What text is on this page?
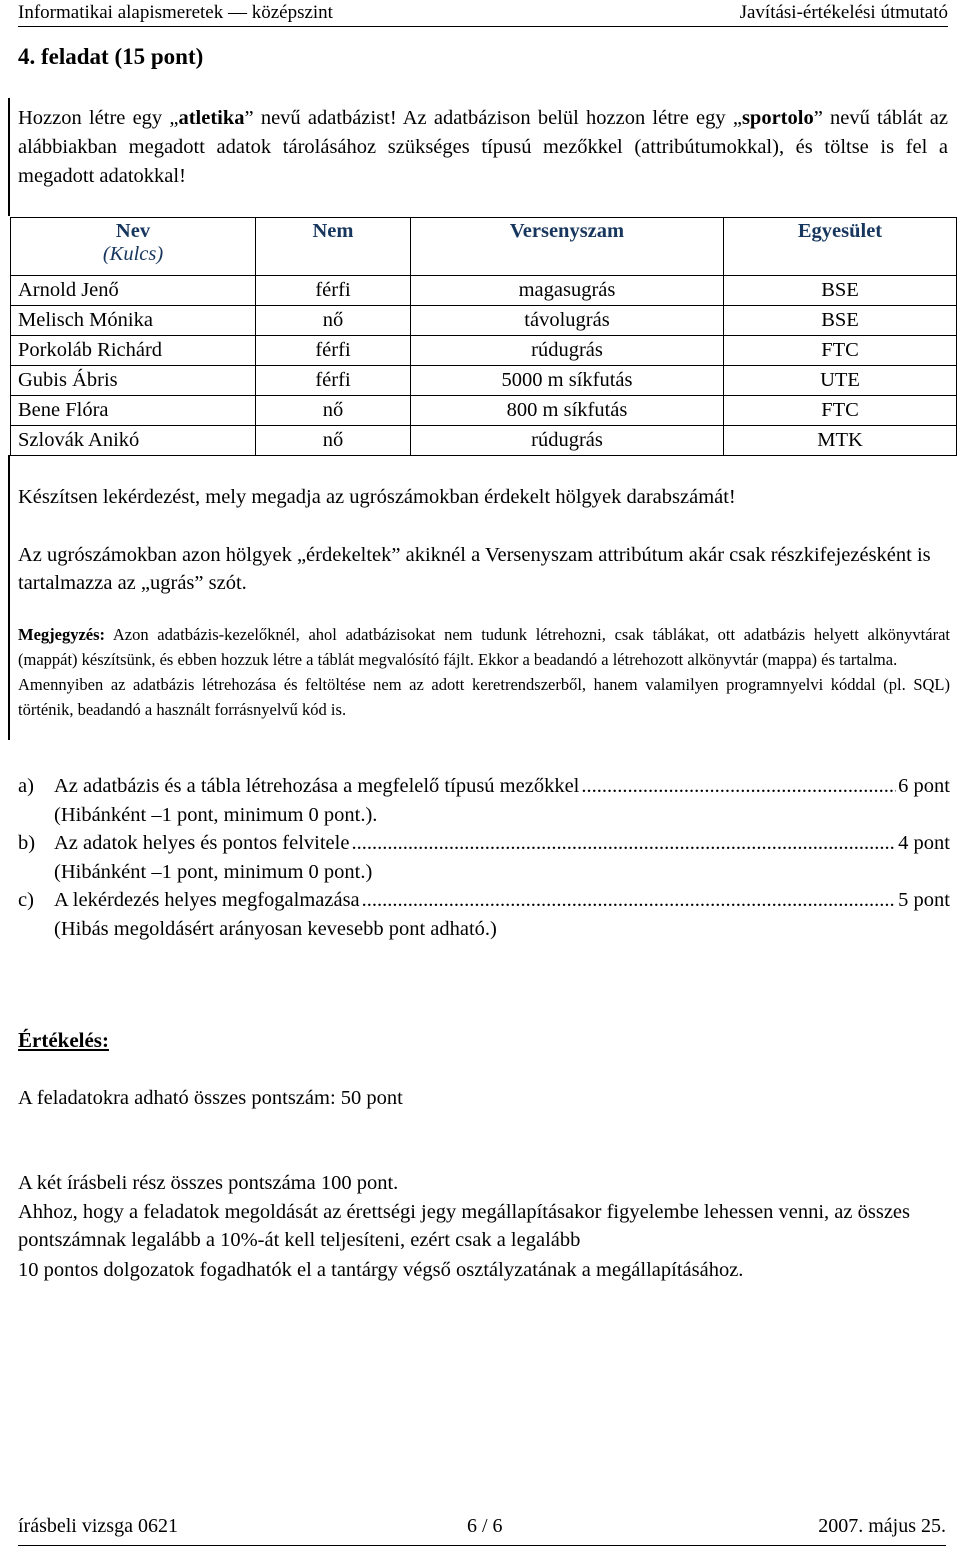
Informatikai alapismeretek — középszint	Javítási-értékelési útmutató
4. feladat (15 pont)
Hozzon létre egy „atletika” nevű adatbázist! Az adatbázison belül hozzon létre egy „sportolo” nevű táblát az alábbiakban megadott adatok tárolásához szükséges típusú mezőkkel (attribútumokkal), és töltse is fel a megadott adatokkal!
Nev
(Kulcs)	Nem	Versenyszam	Egyesület
Arnold Jenő	férfi	magasugrás	BSE
Melisch Mónika	nő	távolugrás	BSE
Porkoláb Richárd	férfi	rúdugrás	FTC
Gubis Ábris	férfi	5000 m síkfutás	UTE
Bene Flóra	nő	800 m síkfutás	FTC
Szlovák Anikó	nő	rúdugrás	MTK
Készítsen lekérdezést, mely megadja az ugrószámokban érdekelt hölgyek darabszámát!
Az ugrószámokban azon hölgyek „érdekeltek” akiknél a Versenyszam attribútum akár csak részkifejezésként is tartalmazza az „ugrás” szót.
Megjegyzés: Azon adatbázis-kezelőknél, ahol adatbázisokat nem tudunk létrehozni, csak táblákat, ott adatbázis helyett alkönyvtárat (mappát) készítsünk, és ebben hozzuk létre a táblát megvalósító fájlt. Ekkor a beadandó a létrehozott alkönyvtár (mappa) és tartalma.
Amennyiben az adatbázis létrehozása és feltöltése nem az adott keretrendszerből, hanem valamilyen programnyelvi kóddal (pl. SQL) történik, beadandó a használt forrásnyelvű kód is.
a) Az adatbázis és a tábla létrehozása a megfelelő típusú mezőkkel .....	6 pont
(Hibánként –1 pont, minimum 0 pont.).
b) Az adatok helyes és pontos felvitele .....	4 pont
(Hibánként –1 pont, minimum 0 pont.)
c) A lekérdezés helyes megfogalmazása .....	5 pont
(Hibás megoldásért arányosan kevesebb pont adható.)
Értékelés:
A feladatokra adható összes pontszám: 50 pont
A két írásbeli rész összes pontszáma 100 pont.
Ahhoz, hogy a feladatok megoldását az érettségi jegy megállapításakor figyelembe lehessen venni, az összes pontszámnak legalább a 10%-át kell teljesíteni, ezért csak a legalább
10 pontos dolgozatok fogadhatók el a tantárgy végső osztályzatának a megállapításához.
írásbeli vizsga 0621	6 / 6	2007. május 25.
